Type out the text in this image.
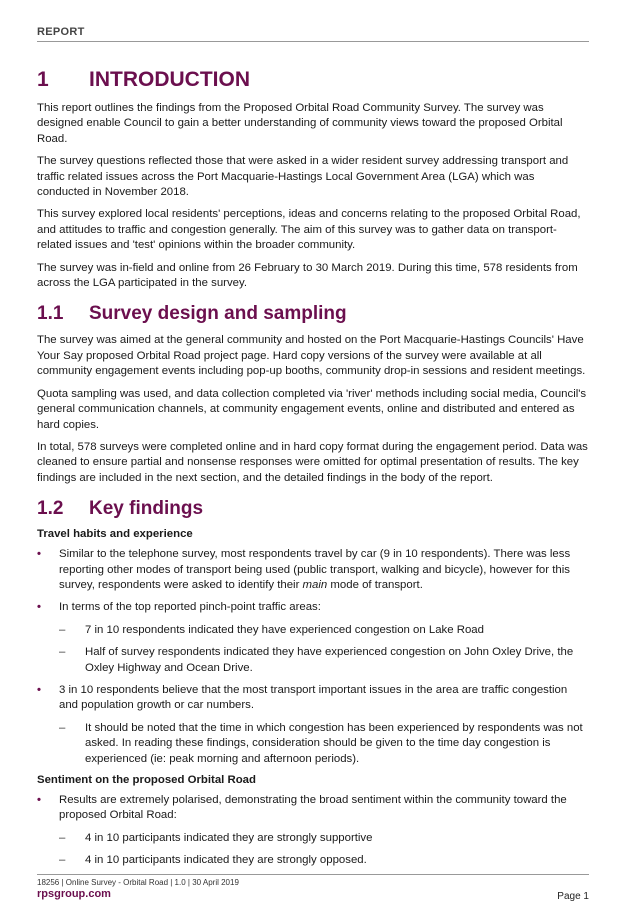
REPORT
1	INTRODUCTION

This report outlines the findings from the Proposed Orbital Road Community Survey. The survey was designed enable Council to gain a better understanding of community views toward the proposed Orbital Road.

The survey questions reflected those that were asked in a wider resident survey addressing transport and traffic related issues across the Port Macquarie-Hastings Local Government Area (LGA) which was conducted in November 2018.

This survey explored local residents' perceptions, ideas and concerns relating to the proposed Orbital Road, and attitudes to traffic and congestion generally. The aim of this survey was to gather data on transport-related issues and 'test' opinions within the broader community.

The survey was in-field and online from 26 February to 30 March 2019. During this time, 578 residents from across the LGA participated in the survey.

1.1	Survey design and sampling

The survey was aimed at the general community and hosted on the Port Macquarie-Hastings Councils' Have Your Say proposed Orbital Road project page. Hard copy versions of the survey were available at all community engagement events including pop-up booths, community drop-in sessions and resident meetings.

Quota sampling was used, and data collection completed via 'river' methods including social media, Council's general communication channels, at community engagement events, online and distributed and entered as hard copies.

In total, 578 surveys were completed online and in hard copy format during the engagement period. Data was cleaned to ensure partial and nonsense responses were omitted for optimal presentation of results. The key findings are included in the next section, and the detailed findings in the body of the report.

1.2	Key findings
Travel habits and experience
•	Similar to the telephone survey, most respondents travel by car (9 in 10 respondents). There was less reporting other modes of transport being used (public transport, walking and bicycle), however for this survey, respondents were asked to identify their main mode of transport.
•	In terms of the top reported pinch-point traffic areas:
–	7 in 10 respondents indicated they have experienced congestion on Lake Road
–	Half of survey respondents indicated they have experienced congestion on John Oxley Drive, the Oxley Highway and Ocean Drive.
•	3 in 10 respondents believe that the most transport important issues in the area are traffic congestion and population growth or car numbers.
–	It should be noted that the time in which congestion has been experienced by respondents was not asked. In reading these findings, consideration should be given to the time day congestion is experienced (ie: peak morning and afternoon periods).
Sentiment on the proposed Orbital Road
•	Results are extremely polarised, demonstrating the broad sentiment within the community toward the proposed Orbital Road:
–	4 in 10 participants indicated they are strongly supportive
–	4 in 10 participants indicated they are strongly opposed.
18256 | Online Survey - Orbital Road | 1.0 | 30 April 2019
rpsgroup.com	Page 1
